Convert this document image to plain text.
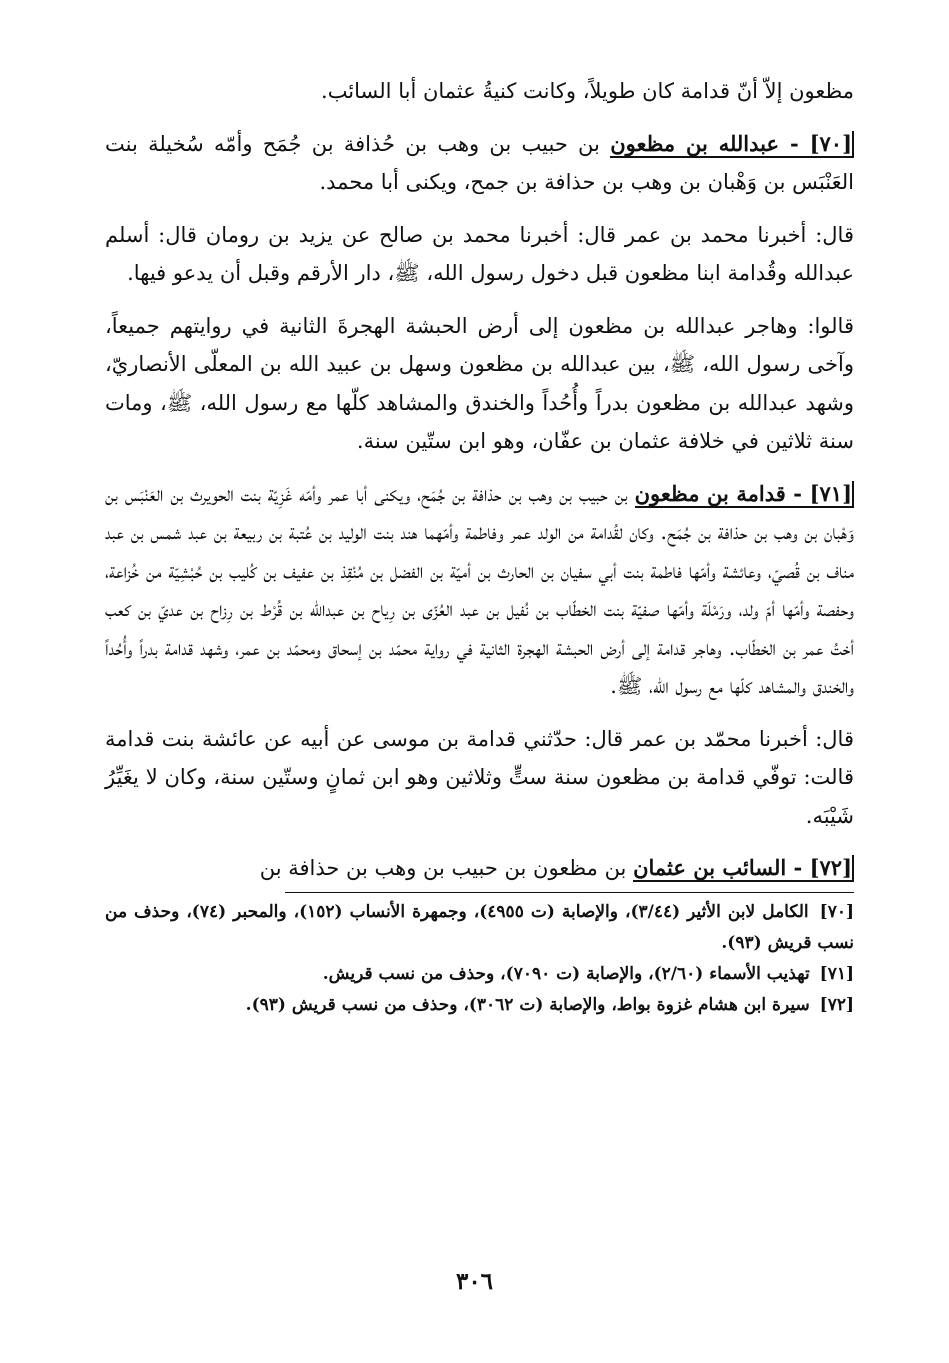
مظعون إلاّ أنّ قدامة كان طويلاً، وكانت كنيةُ عثمان أبا السائب.

[٧٠] - عبدالله بن مظعون بن حبيب بن وهب بن حُذافة بن جُمَح وأمّه سُخيلة بنت العَنْبَس بن وَهْبان بن وهب بن حذافة بن جمح، ويكنى أبا محمد.

قال: أخبرنا محمد بن عمر قال: أخبرنا محمد بن صالح عن يزيد بن رومان قال: أسلم عبدالله وقُدامة ابنا مظعون قبل دخول رسول الله، ﷺ، دار الأرقم وقبل أن يدعو فيها.

قالوا: وهاجر عبدالله بن مظعون إلى أرض الحبشة الهجرةَ الثانية في روايتهم جميعاً، وآخى رسول الله، ﷺ، بين عبدالله بن مظعون وسهل بن عبيد الله بن المعلّى الأنصاريّ، وشهد عبدالله بن مظعون بدراً وأُحُداً والخندق والمشاهد كلّها مع رسول الله، ﷺ، ومات سنة ثلاثين في خلافة عثمان بن عفّان، وهو ابن ستّين سنة.

[٧١] - قدامة بن مظعون بن حبيب بن وهب بن حذافة بن جُمَح، ويكنى أبا عمر وأمّه غَزِيّة بنت الحويرث بن العَنْبَس بن وَهْبان بن وهب بن حذافة بن جُمَح. وكان لقُدامة من الولد عمر وفاطمة وأمّهما هند بنت الوليد بن عُتبة بن ربيعة بن عبد شمس بن عبد مناف بن قُصيّ، وعائشة وأمّها فاطمة بنت أبي سفيان بن الحارث بن أميّة بن الفضل بن مُنْقِذ بن عفيف بن كُليب بن حُبْشِيّة من خُزاعة، وحفصة وأمّها أمّ ولد، ورَمْلَة وأمّها صفيّة بنت الخطّاب بن نُفيل بن عبد العُزّى بن رِياح بن عبدالله بن قُرْط بن رِزاح بن عديّ بن كعب أختُ عمر بن الخطّاب. وهاجر قدامة إلى أرض الحبشة الهجرة الثانية في رواية محمّد بن إسحاق ومحمّد بن عمر، وشهد قدامة بدراً وأُحُداً والخندق والمشاهد كلّها مع رسول الله، ﷺ.

قال: أخبرنا محمّد بن عمر قال: حدّثني قدامة بن موسى عن أبيه عن عائشة بنت قدامة قالت: توفّي قدامة بن مظعون سنة ستٍّ وثلاثين وهو ابن ثمانٍ وستّين سنة، وكان لا يغَيِّرُ شَيْبَه.

[٧٢] - السائب بن عثمان بن مظعون بن حبيب بن وهب بن حذافة بن

[٧٠] الكامل لابن الأثير (٣/٤٤)، والإصابة (ت ٤٩٥٥)، وجمهرة الأنساب (١٥٢)، والمحبر (٧٤)، وحذف من نسب قريش (٩٣).

[٧١] تهذيب الأسماء (٢/٦٠)، والإصابة (ت ٧٠٩٠)، وحذف من نسب قريش.

[٧٢] سيرة ابن هشام غزوة بواط، والإصابة (ت ٣٠٦٢)، وحذف من نسب قريش (٩٣).

٣٠٦
